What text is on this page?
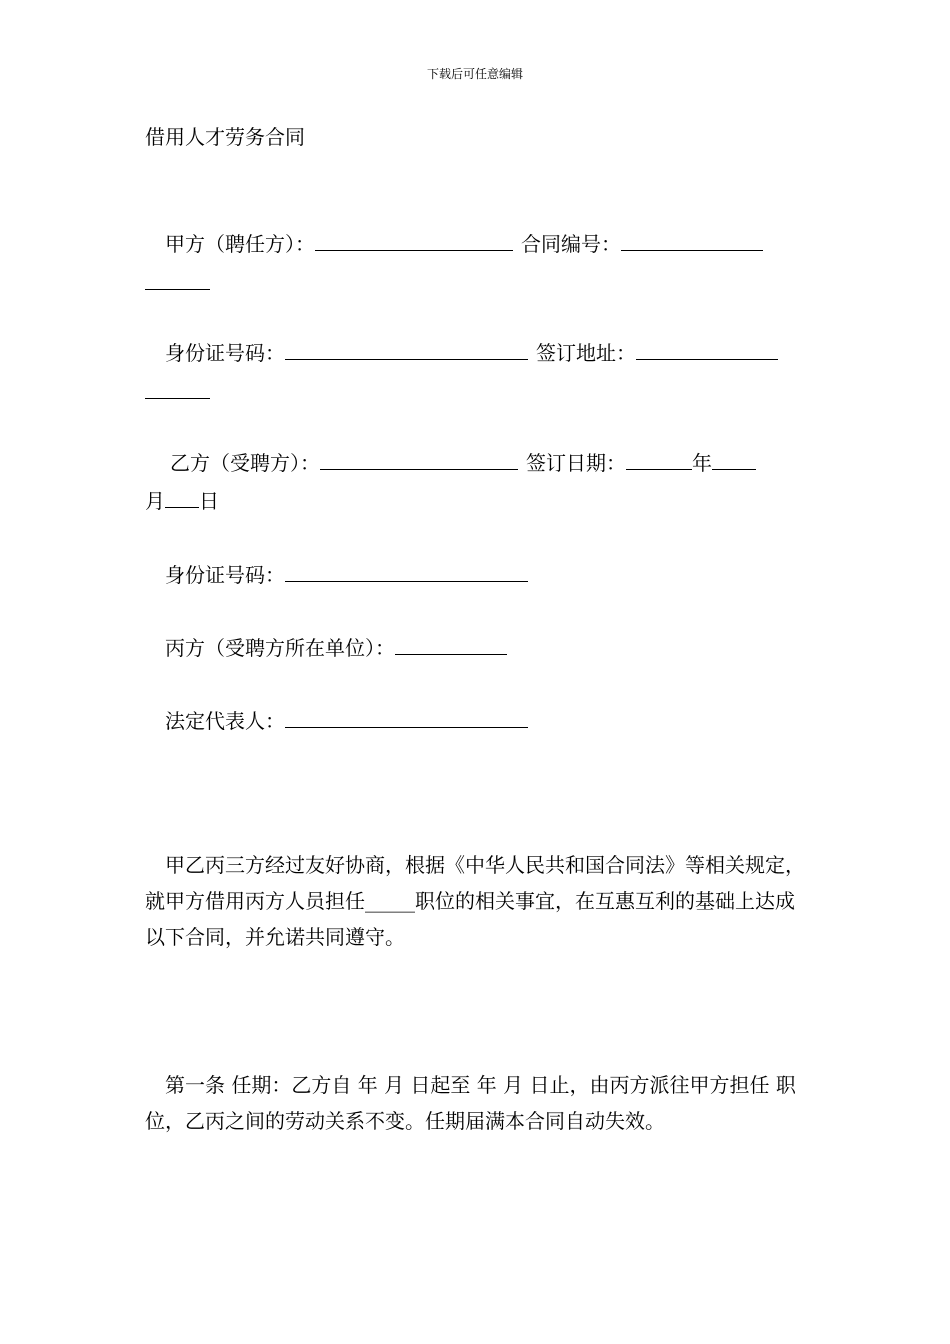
下载后可任意编辑
借用人才劳务合同
甲方（聘任方）：	合同编号：
身份证号码：	签订地址：
乙方（受聘方）：	签订日期：	年
月 日
身份证号码：
丙方（受聘方所在单位）：
法定代表人：
甲乙丙三方经过友好协商，根据《中华人民共和国合同法》等相关规定，就甲方借用丙方人员担任_____职位的相关事宜，在互惠互利的基础上达成以下合同，并允诺共同遵守。
第一条 任期：乙方自 年 月 日起至 年 月 日止，由丙方派往甲方担任 职位，乙丙之间的劳动关系不变。任期届满本合同自动失效。
